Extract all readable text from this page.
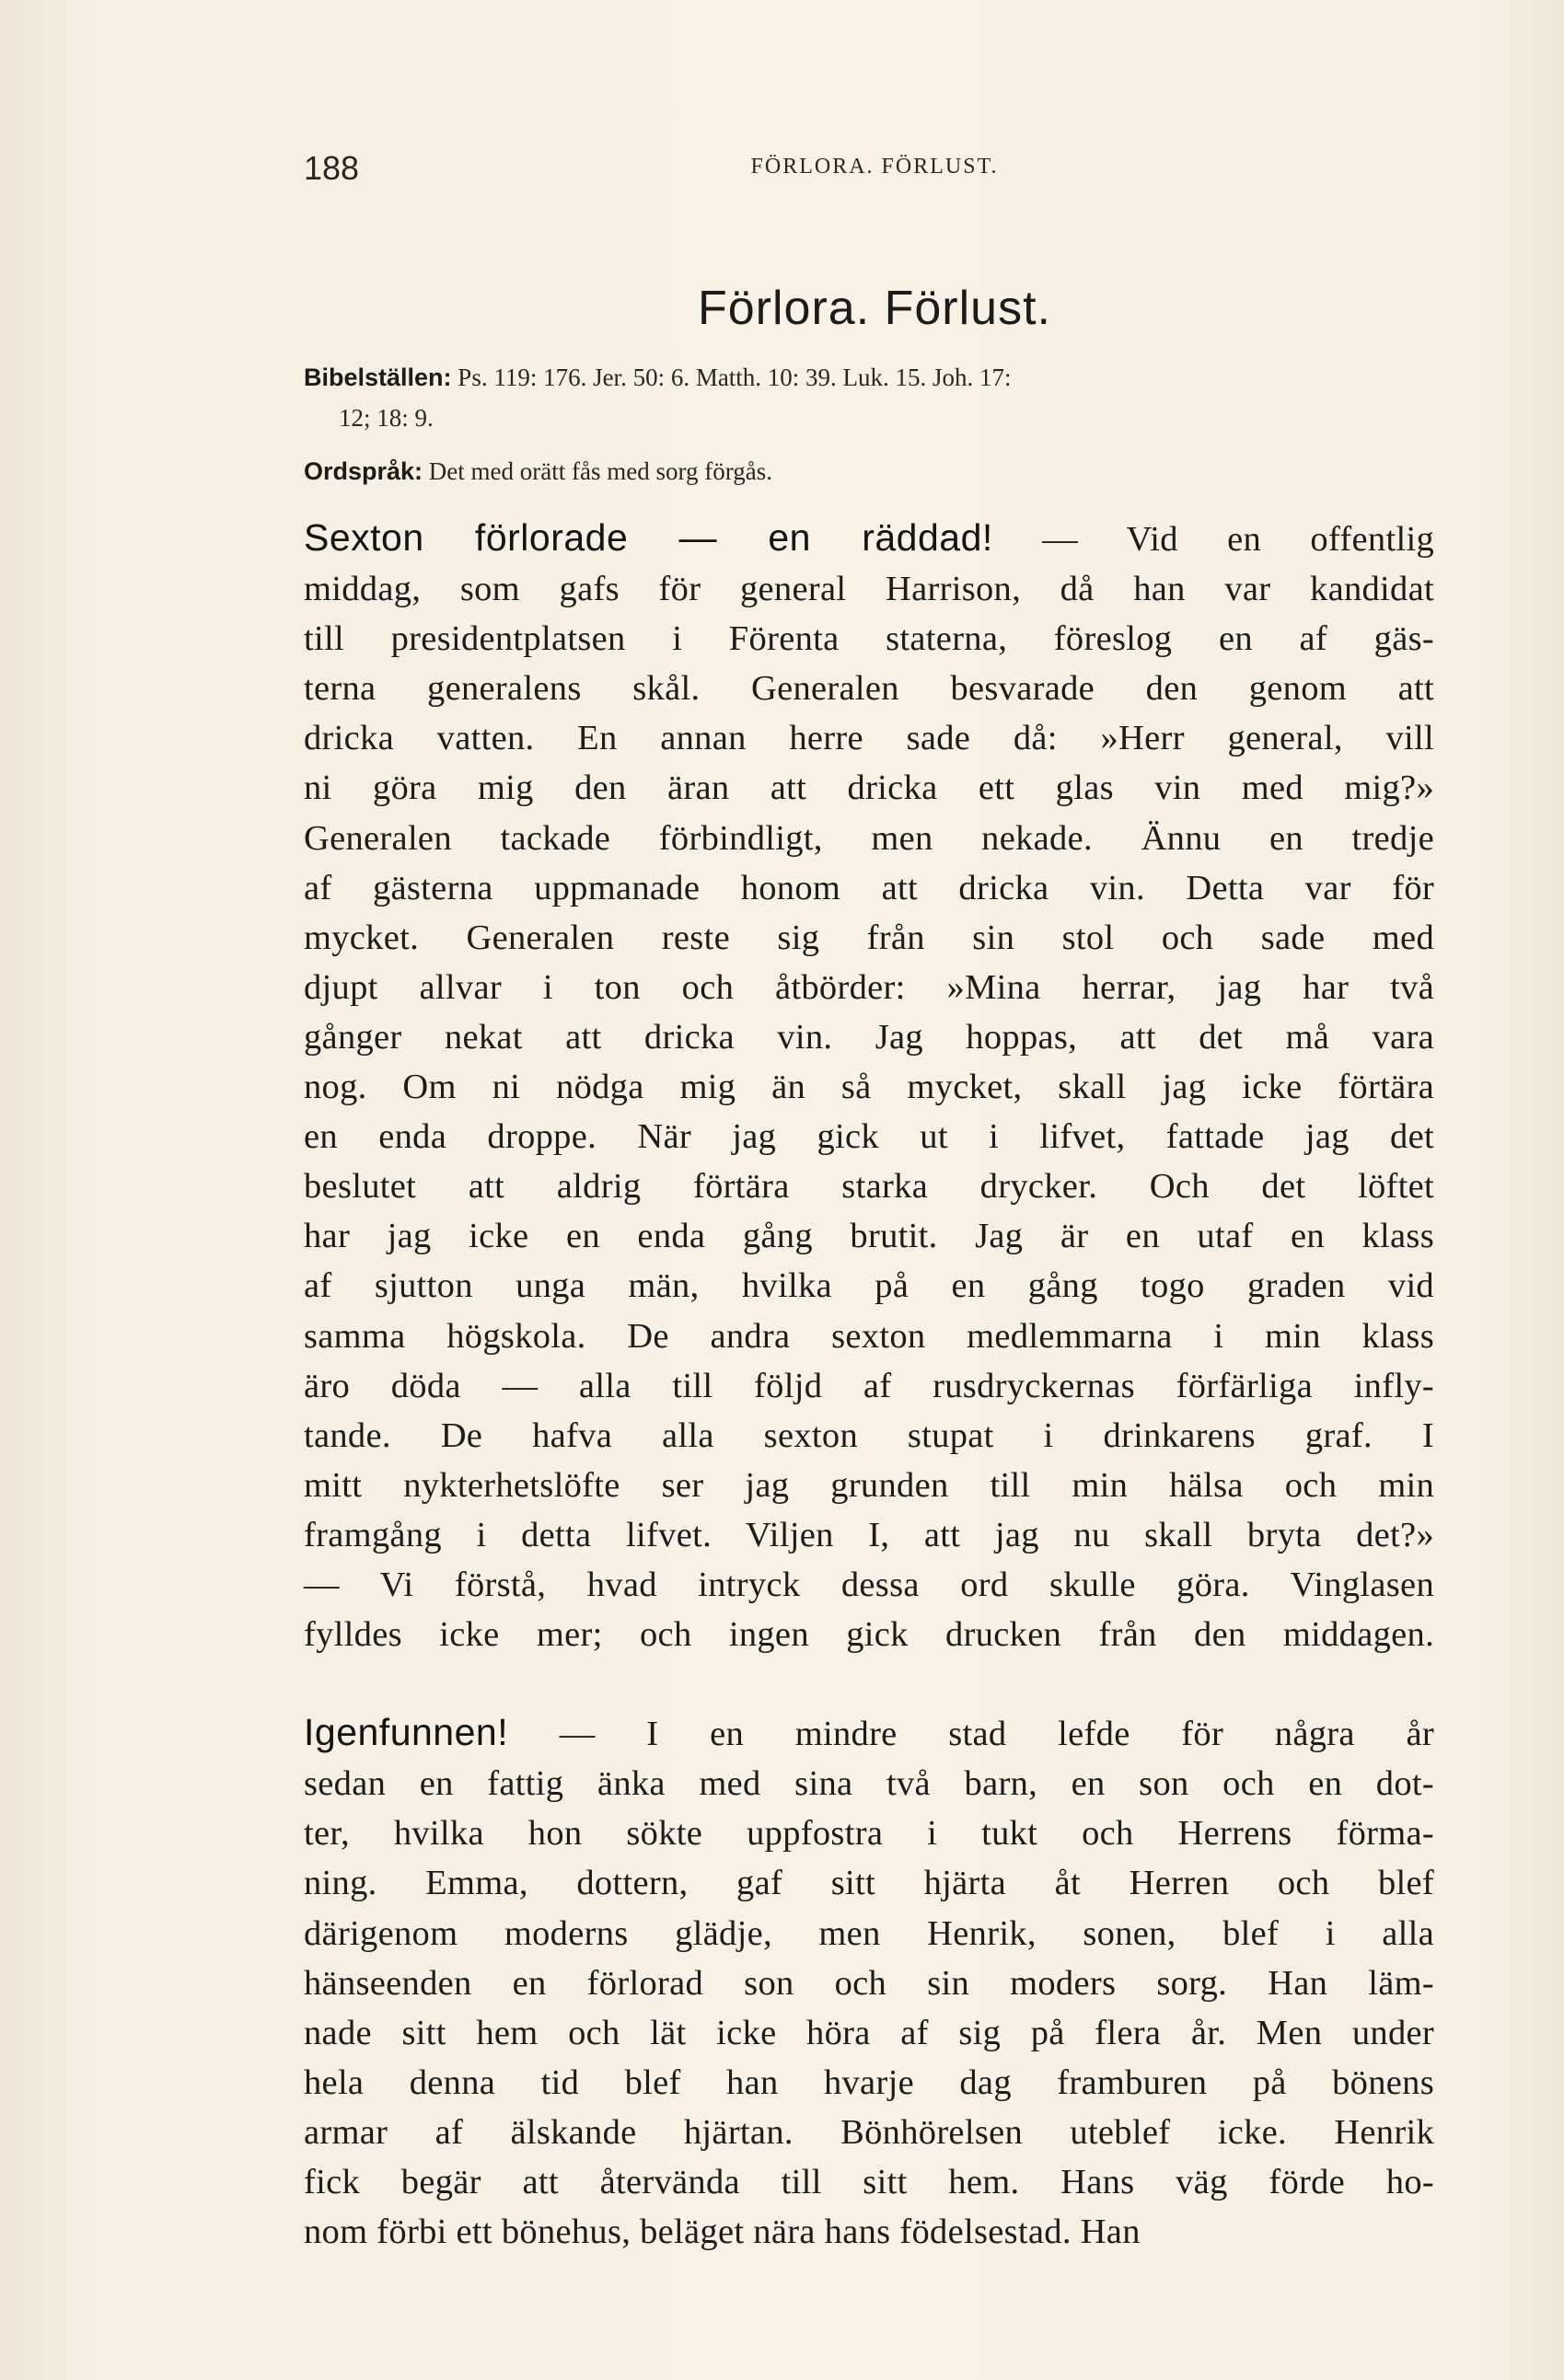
188	FÖRLORA. FÖRLUST.
Förlora. Förlust.
Bibelställen: Ps. 119: 176. Jer. 50: 6. Matth. 10: 39. Luk. 15. Joh. 17:
12; 18: 9.
Ordspråk: Det med orätt fås med sorg förgås.
Sexton förlorade — en räddad! — Vid en offentlig
middag, som gafs för general Harrison, då han var kandidat
till presidentplatsen i Förenta staterna, föreslog en af gäs-
terna generalens skål. Generalen besvarade den genom att
dricka vatten. En annan herre sade då: »Herr general, vill
ni göra mig den äran att dricka ett glas vin med mig?»
Generalen tackade förbindligt, men nekade. Ännu en tredje
af gästerna uppmanade honom att dricka vin. Detta var för
mycket. Generalen reste sig från sin stol och sade med
djupt allvar i ton och åtbörder: »Mina herrar, jag har två
gånger nekat att dricka vin. Jag hoppas, att det må vara
nog. Om ni nödga mig än så mycket, skall jag icke förtära
en enda droppe. När jag gick ut i lifvet, fattade jag det
beslutet att aldrig förtära starka drycker. Och det löftet
har jag icke en enda gång brutit. Jag är en utaf en klass
af sjutton unga män, hvilka på en gång togo graden vid
samma högskola. De andra sexton medlemmarna i min klass
äro döda — alla till följd af rusdryckernas förfärliga infly-
tande. De hafva alla sexton stupat i drinkarens graf. I
mitt nykterhetslöfte ser jag grunden till min hälsa och min
framgång i detta lifvet. Viljen I, att jag nu skall bryta det?»
— Vi förstå, hvad intryck dessa ord skulle göra. Vinglasen
fylldes icke mer; och ingen gick drucken från den middagen.
Igenfunnen! — I en mindre stad lefde för några år
sedan en fattig änka med sina två barn, en son och en dot-
ter, hvilka hon sökte uppfostra i tukt och Herrens förma-
ning. Emma, dottern, gaf sitt hjärta åt Herren och blef
därigenom moderns glädje, men Henrik, sonen, blef i alla
hänseenden en förlorad son och sin moders sorg. Han läm-
nade sitt hem och lät icke höra af sig på flera år. Men under
hela denna tid blef han hvarje dag framburen på bönens
armar af älskande hjärtan. Bönhörelsen uteblef icke. Henrik
fick begär att återvända till sitt hem. Hans väg förde ho-
nom förbi ett bönehus, beläget nära hans födelsestad. Han
